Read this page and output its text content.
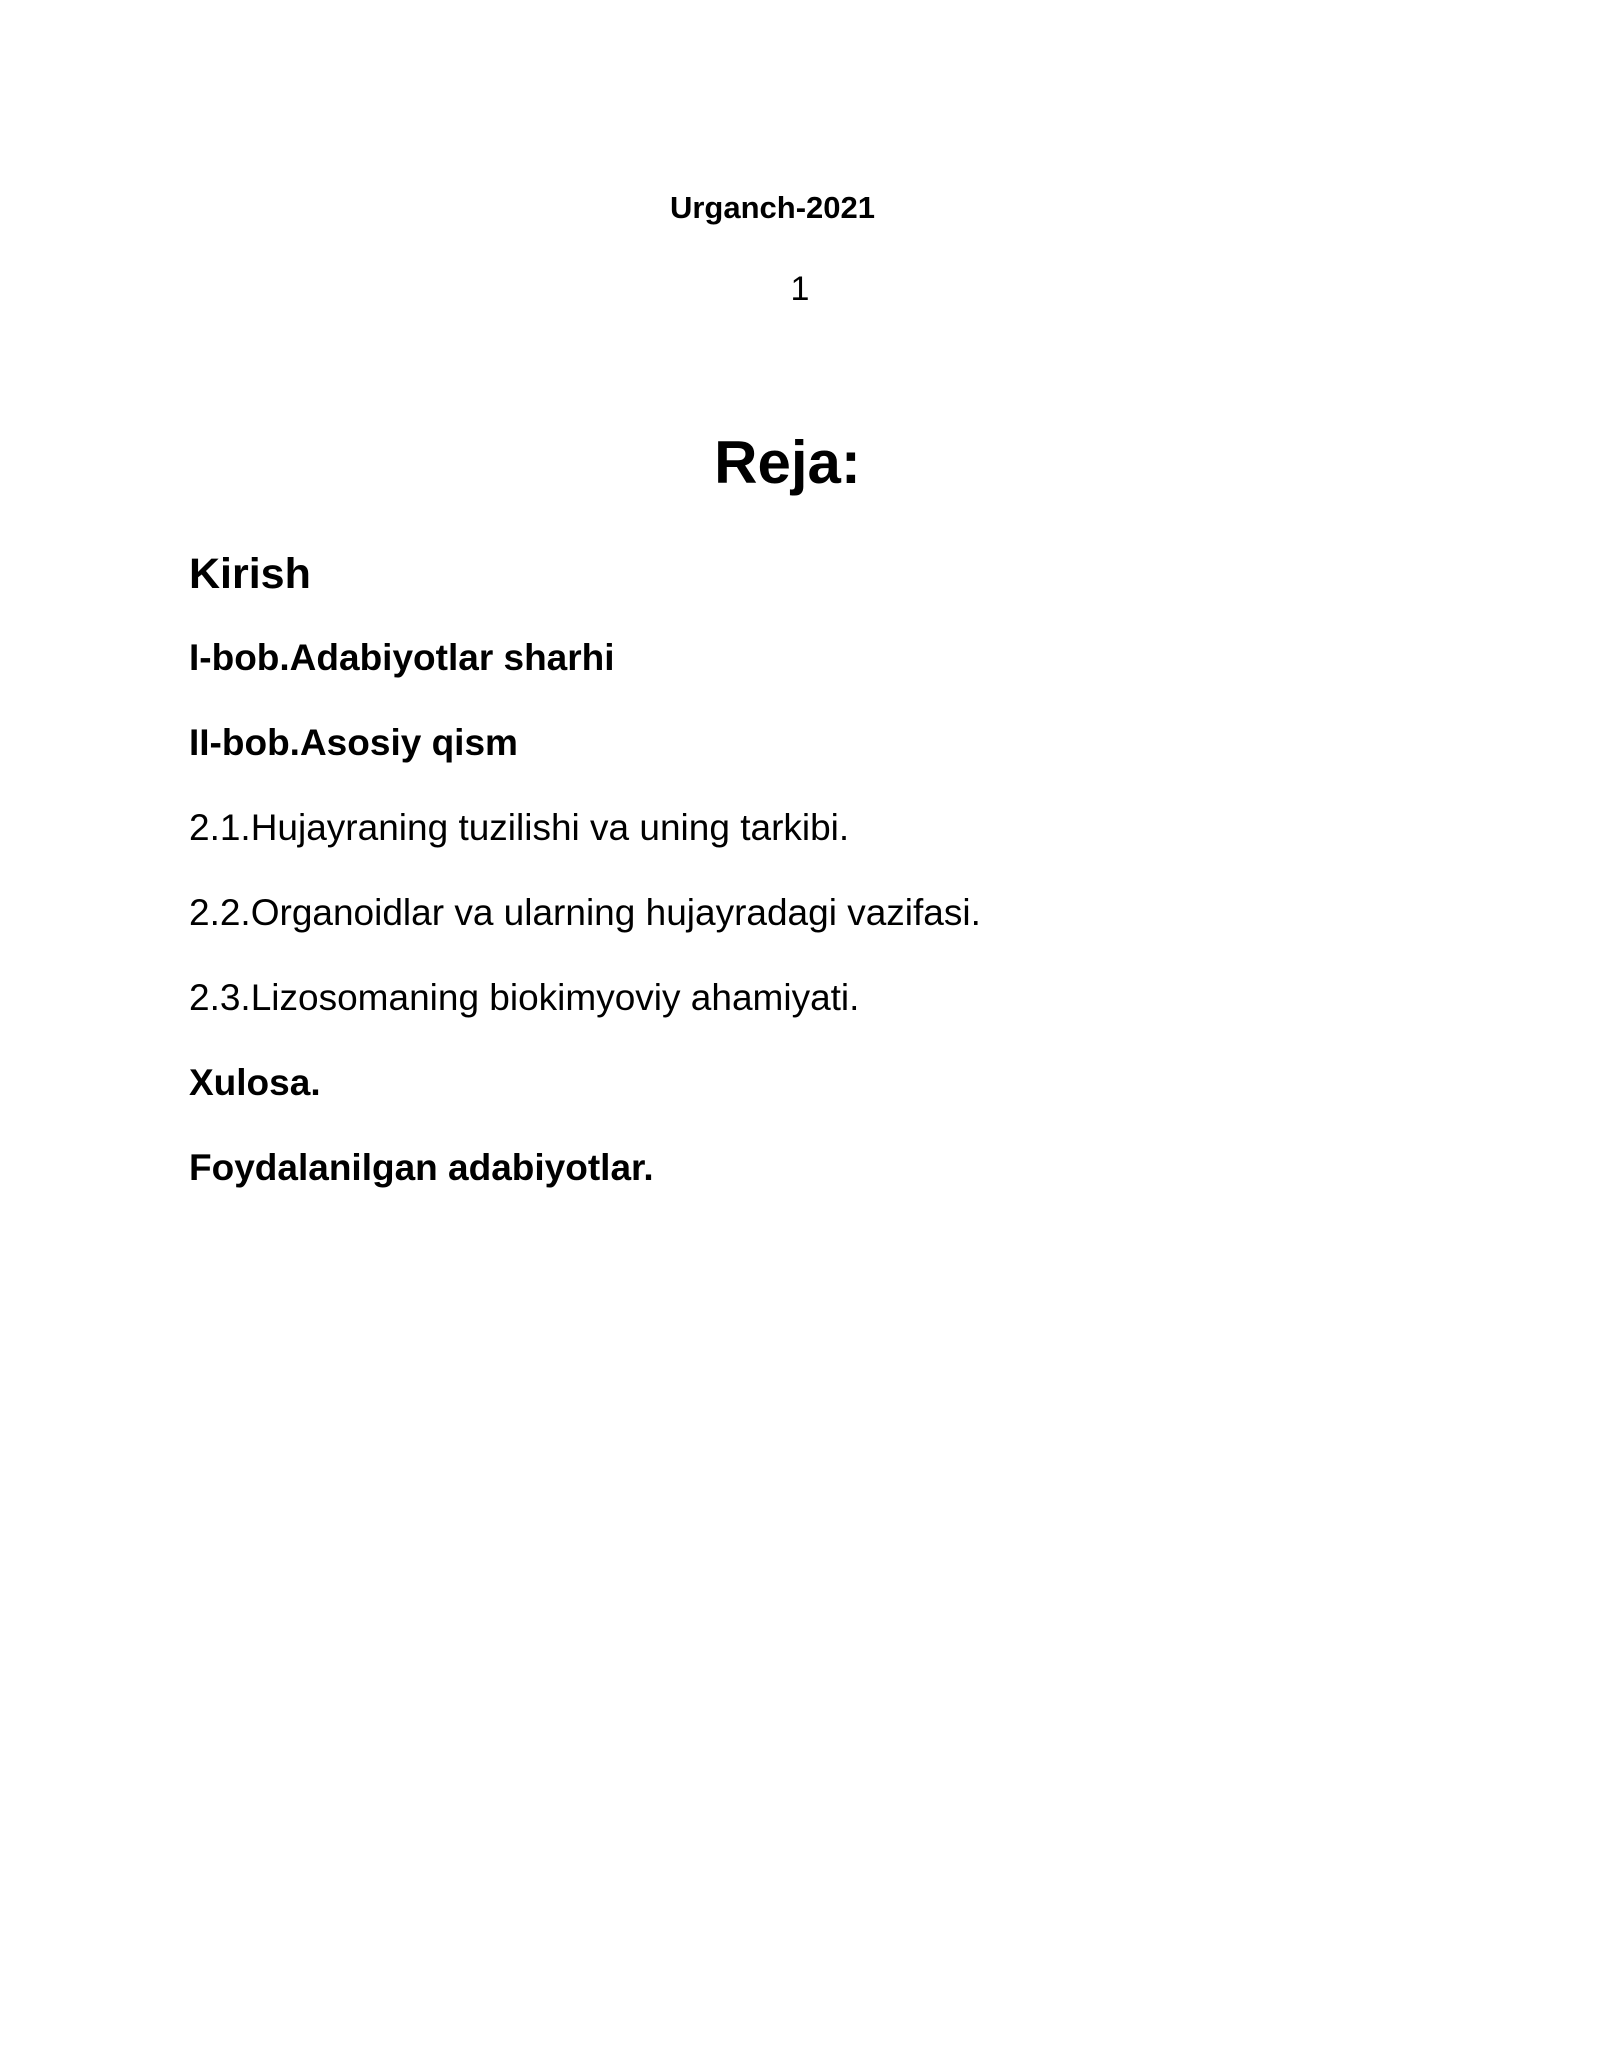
Urganch-2021
1
Reja:
Kirish
I-bob.Adabiyotlar sharhi
II-bob.Asosiy qism
2.1.Hujayraning tuzilishi va uning tarkibi.
2.2.Organoidlar va ularning hujayradagi vazifasi.
2.3.Lizosomaning biokimyoviy ahamiyati.
Xulosa.
Foydalanilgan adabiyotlar.
